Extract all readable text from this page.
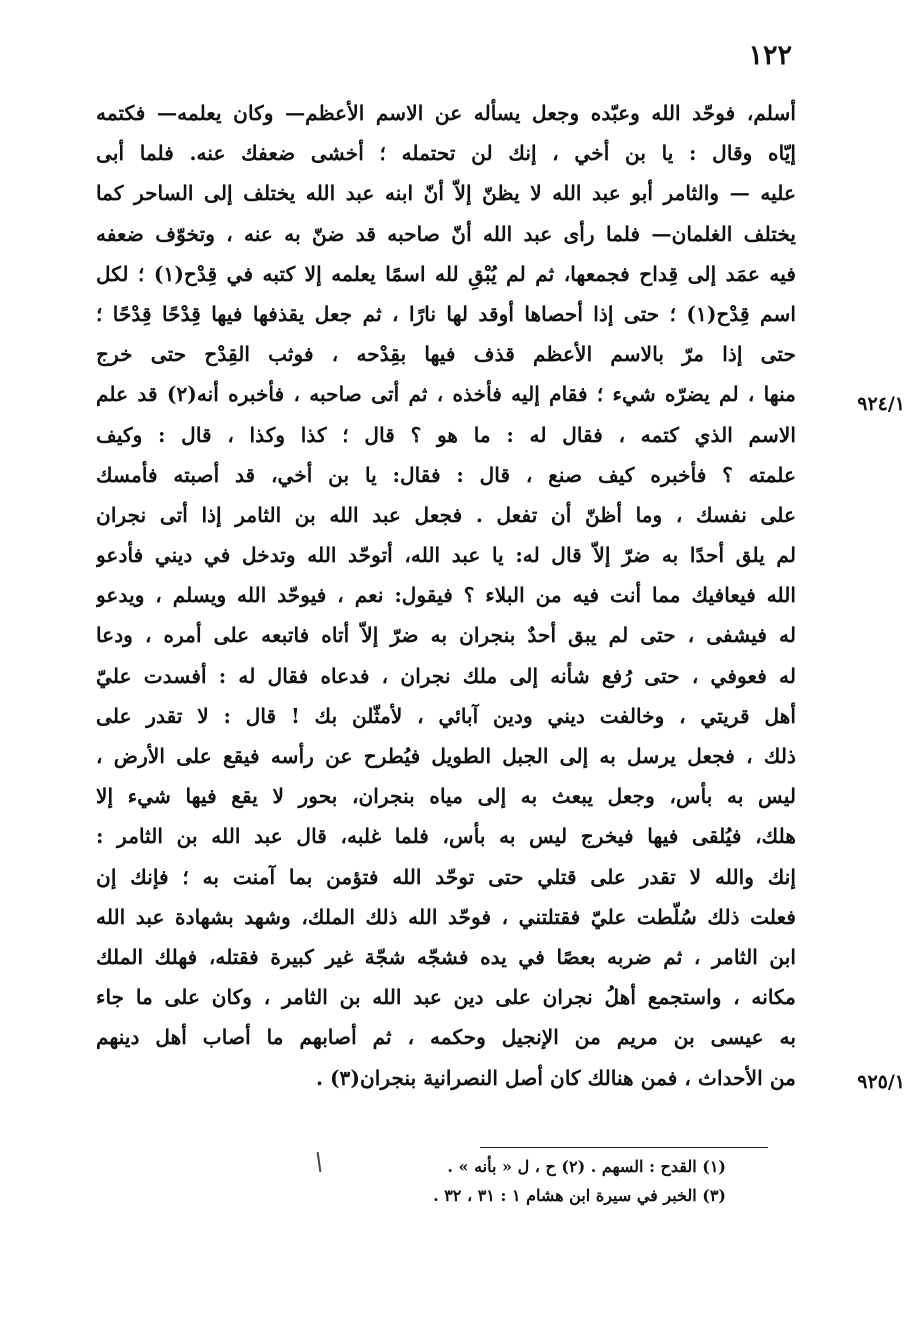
١٢٢
٩٢٤/١
٩٢٥/١
أسلم، فوحّد الله وعبّده وجعل يسأله عن الاسم الأعظم— وكان يعلمه— فكتمه
إيّاه وقال : يا بن أخي ، إنك لن تحتمله ؛ أخشى ضعفك عنه. فلما أبى
عليه — والثامر أبو عبد الله لا يظنّ إلاّ أنّ ابنه عبد الله يختلف إلى الساحر كما
يختلف الغلمان— فلما رأى عبد الله أنّ صاحبه قد ضنّ به عنه ، وتخوّف ضعفه
فيه عمَد إلى قِداح فجمعها، ثم لم يُبْقِ لله اسمًا يعلمه إلا كتبه في قِدْح(١) ؛ لكل
اسم قِدْح(١) ؛ حتى إذا أحصاها أوقد لها نارًا ، ثم جعل يقذفها فيها قِدْحًا قِدْحًا ؛
حتى إذا مرّ بالاسم الأعظم قذف فيها بقِدْحه ، فوثب القِدْح حتى خرج
منها ، لم يضرّه شيء ؛ فقام إليه فأخذه ، ثم أتى صاحبه ، فأخبره أنه(٢) قد علم
الاسم الذي كتمه ، فقال له : ما هو ؟ قال ؛ كذا وكذا ، قال : وكيف
علمته ؟ فأخبره كيف صنع ، قال : فقال: يا بن أخي، قد أصبته فأمسك
على نفسك ، وما أظنّ أن تفعل . فجعل عبد الله بن الثامر إذا أتى نجران
لم يلق أحدًا به ضرّ إلاّ قال له: يا عبد الله، أتوحّد الله وتدخل في ديني فأدعو
الله فيعافيك مما أنت فيه من البلاء ؟ فيقول: نعم ، فيوحّد الله ويسلم ، ويدعو
له فيشفى ، حتى لم يبق أحدٌ بنجران به ضرّ إلاّ أتاه فاتبعه على أمره ، ودعا
له فعوفي ، حتى رُفع شأنه إلى ملك نجران ، فدعاه فقال له : أفسدت عليّ
أهل قريتي ، وخالفت ديني ودين آبائي ، لأمثّلن بك ! قال : لا تقدر على
ذلك ، فجعل يرسل به إلى الجبل الطويل فيُطرح عن رأسه فيقع على الأرض ،
ليس به بأس، وجعل يبعث به إلى مياه بنجران، بحور لا يقع فيها شيء إلا
هلك، فيُلقى فيها فيخرج ليس به بأس، فلما غلبه، قال عبد الله بن الثامر :
إنك والله لا تقدر على قتلي حتى توحّد الله فتؤمن بما آمنت به ؛ فإنك إن
فعلت ذلك سُلّطت عليّ فقتلتني ، فوحّد الله ذلك الملك، وشهد بشهادة عبد الله
ابن الثامر ، ثم ضربه بعصًا في يده فشجّه شجّة غير كبيرة فقتله، فهلك الملك
مكانه ، واستجمع أهلُ نجران على دين عبد الله بن الثامر ، وكان على ما جاء
به عيسى بن مريم من الإنجيل وحكمه ، ثم أصابهم ما أصاب أهل دينهم
من الأحداث ، فمن هنالك كان أصل النصرانية بنجران(٣) .
(١) القدح : السهم . (٢) ح ، ل « بأنه » .
(٣) الخبر في سيرة ابن هشام ١ : ٣١ ، ٣٢ .
